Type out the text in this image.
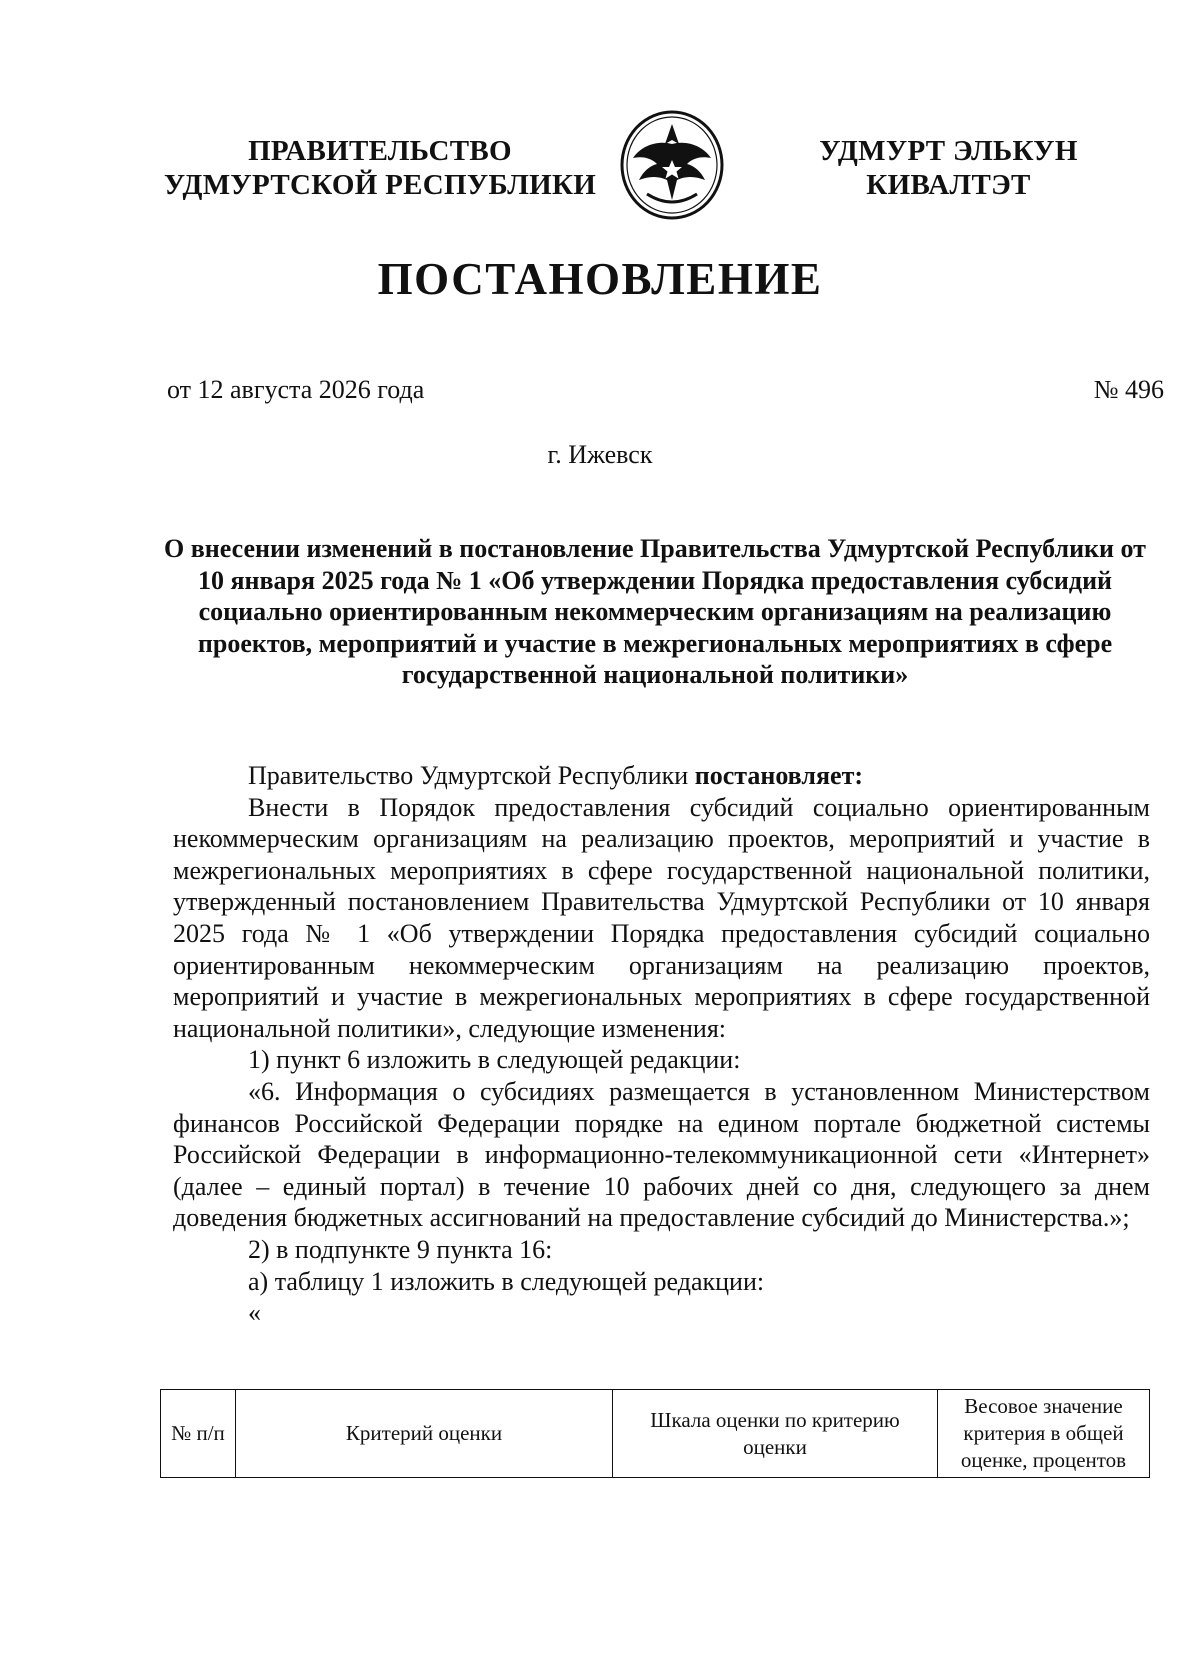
ПРАВИТЕЛЬСТВО УДМУРТСКОЙ РЕСПУБЛИКИ
УДМУРТ ЭЛЬКУН КИВАЛТЭТ
ПОСТАНОВЛЕНИЕ
от 12 августа 2026 года	№ 496
г. Ижевск
О внесении изменений в постановление Правительства Удмуртской Республики от 10 января 2025 года № 1 «Об утверждении Порядка предоставления субсидий социально ориентированным некоммерческим организациям на реализацию проектов, мероприятий и участие в межрегиональных мероприятиях в сфере государственной национальной политики»

Правительство Удмуртской Республики постановляет:

Внести в Порядок предоставления субсидий социально ориентированным некоммерческим организациям на реализацию проектов, мероприятий и участие в межрегиональных мероприятиях в сфере государственной национальной политики, утвержденный постановлением Правительства Удмуртской Республики от 10 января 2025 года № 1 «Об утверждении Порядка предоставления субсидий социально ориентированным некоммерческим организациям на реализацию проектов, мероприятий и участие в межрегиональных мероприятиях в сфере государственной национальной политики», следующие изменения:

1) пункт 6 изложить в следующей редакции:

«6. Информация о субсидиях размещается в установленном Министерством финансов Российской Федерации порядке на едином портале бюджетной системы Российской Федерации в информационно-телекоммуникационной сети «Интернет» (далее – единый портал) в течение 10 рабочих дней со дня, следующего за днем доведения бюджетных ассигнований на предоставление субсидий до Министерства.»;

2) в подпункте 9 пункта 16:

а) таблицу 1 изложить в следующей редакции:

«

№ п/п	Критерий оценки	Шкала оценки по критерию оценки	Весовое значение критерия в общей оценке, процентов
